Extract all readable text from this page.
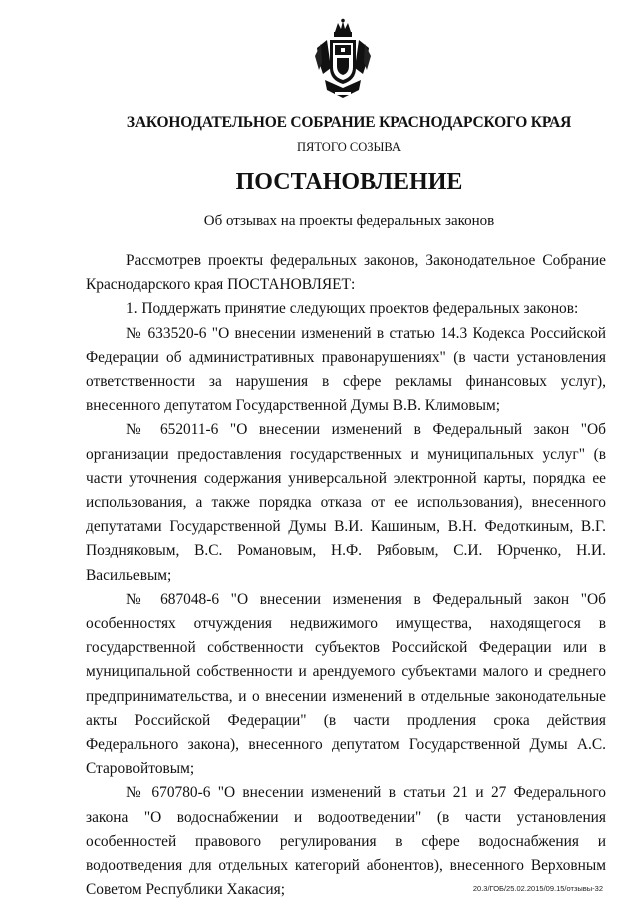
ЗАКОНОДАТЕЛЬНОЕ СОБРАНИЕ КРАСНОДАРСКОГО КРАЯ
ПЯТОГО СОЗЫВА
ПОСТАНОВЛЕНИЕ
Об отзывах на проекты федеральных законов

Рассмотрев проекты федеральных законов, Законодательное Собрание Краснодарского края ПОСТАНОВЛЯЕТ:

1. Поддержать принятие следующих проектов федеральных законов:

№ 633520-6 "О внесении изменений в статью 14.3 Кодекса Российской Федерации об административных правонарушениях" (в части установления ответственности за нарушения в сфере рекламы финансовых услуг), внесенного депутатом Государственной Думы В.В. Климовым;

№ 652011-6 "О внесении изменений в Федеральный закон "Об организации предоставления государственных и муниципальных услуг" (в части уточнения содержания универсальной электронной карты, порядка ее использования, а также порядка отказа от ее использования), внесенного депутатами Государственной Думы В.И. Кашиным, В.Н. Федоткиным, В.Г. Поздняковым, В.С. Романовым, Н.Ф. Рябовым, С.И. Юрченко, Н.И. Васильевым;

№ 687048-6 "О внесении изменения в Федеральный закон "Об особенностях отчуждения недвижимого имущества, находящегося в государственной собственности субъектов Российской Федерации или в муниципальной собственности и арендуемого субъектами малого и среднего предпринимательства, и о внесении изменений в отдельные законодательные акты Российской Федерации" (в части продления срока действия Федерального закона), внесенного депутатом Государственной Думы А.С. Старовойтовым;

№ 670780-6 "О внесении изменений в статьи 21 и 27 Федерального закона "О водоснабжении и водоотведении" (в части установления особенностей правового регулирования в сфере водоснабжения и водоотведения для отдельных категорий абонентов), внесенного Верховным Советом Республики Хакасия;	20.3/ГОБ/25.02.2015/09.15/отзывы-32
